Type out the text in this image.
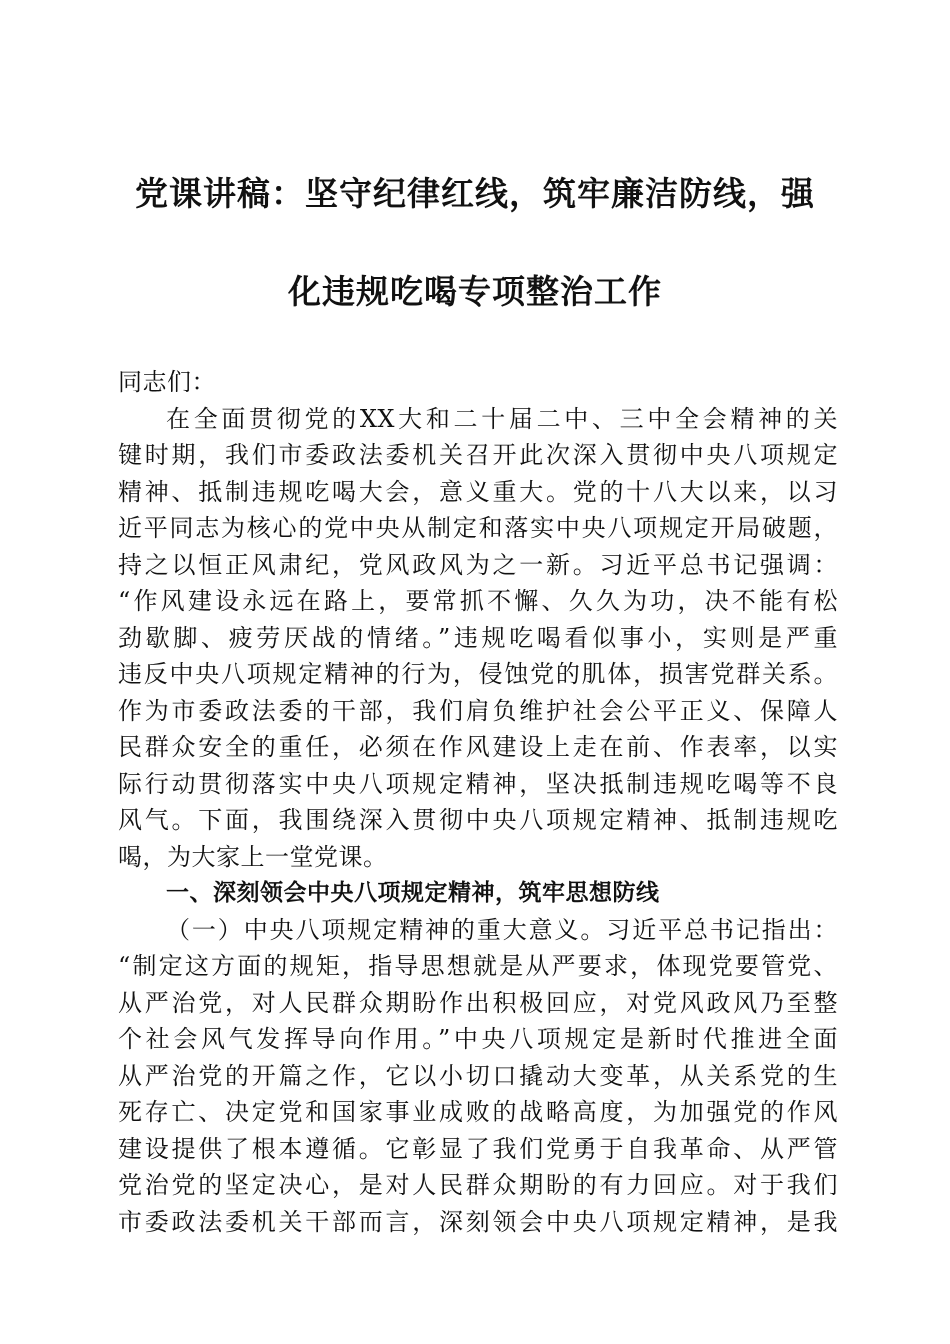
党课讲稿：坚守纪律红线，筑牢廉洁防线，强
化违规吃喝专项整治工作
同志们：
在全面贯彻党的XX大和二十届二中、三中全会精神的关
键时期，我们市委政法委机关召开此次深入贯彻中央八项规定
精神、抵制违规吃喝大会，意义重大。党的十八大以来，以习
近平同志为核心的党中央从制定和落实中央八项规定开局破题，
持之以恒正风肃纪，党风政风为之一新。习近平总书记强调：
“作风建设永远在路上，要常抓不懈、久久为功，决不能有松
劲歇脚、疲劳厌战的情绪。”违规吃喝看似事小，实则是严重
违反中央八项规定精神的行为，侵蚀党的肌体，损害党群关系。
作为市委政法委的干部，我们肩负维护社会公平正义、保障人
民群众安全的重任，必须在作风建设上走在前、作表率，以实
际行动贯彻落实中央八项规定精神，坚决抵制违规吃喝等不良
风气。下面，我围绕深入贯彻中央八项规定精神、抵制违规吃
喝，为大家上一堂党课。
一、深刻领会中央八项规定精神，筑牢思想防线
（一）中央八项规定精神的重大意义。习近平总书记指出：
“制定这方面的规矩，指导思想就是从严要求，体现党要管党、
从严治党，对人民群众期盼作出积极回应，对党风政风乃至整
个社会风气发挥导向作用。”中央八项规定是新时代推进全面
从严治党的开篇之作，它以小切口撬动大变革，从关系党的生
死存亡、决定党和国家事业成败的战略高度，为加强党的作风
建设提供了根本遵循。它彰显了我们党勇于自我革命、从严管
党治党的坚定决心，是对人民群众期盼的有力回应。对于我们
市委政法委机关干部而言，深刻领会中央八项规定精神，是我
